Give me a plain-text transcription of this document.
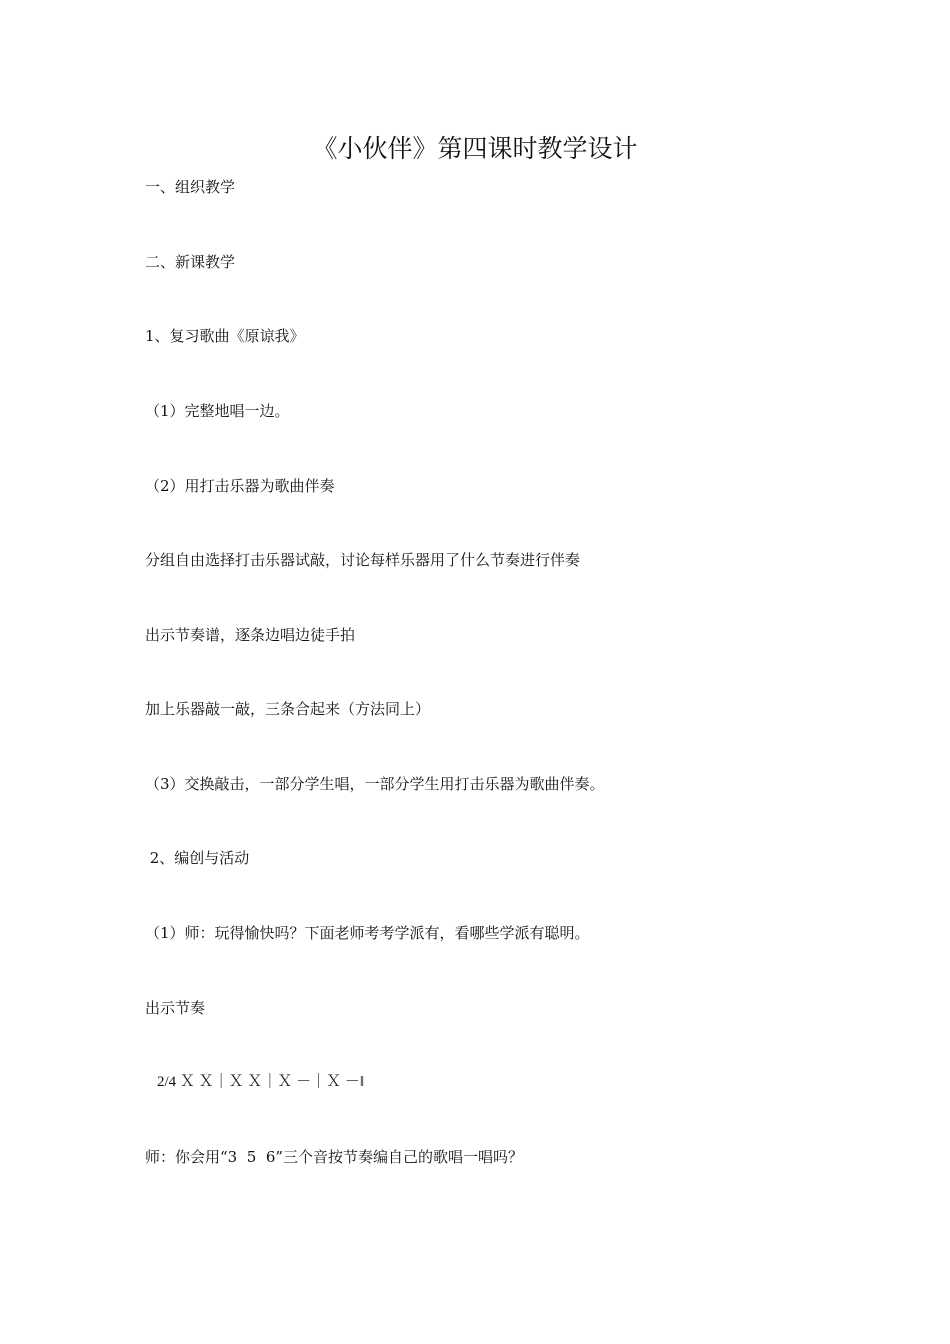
《小伙伴》第四课时教学设计
一、组织教学
二、新课教学
1、复习歌曲《原谅我》
（1）完整地唱一边。
（2）用打击乐器为歌曲伴奏
分组自由选择打击乐器试敲，讨论每样乐器用了什么节奏进行伴奏
出示节奏谱，逐条边唱边徒手拍
加上乐器敲一敲，三条合起来（方法同上）
（3）交换敲击，一部分学生唱，一部分学生用打击乐器为歌曲伴奏。
2、编创与活动
（1）师：玩得愉快吗？下面老师考考学派有，看哪些学派有聪明。
出示节奏
2/4 Ｘ Ｘ｜Ｘ Ｘ｜Ｘ －｜Ｘ －‖
师：你会用“3  5  6”三个音按节奏编自己的歌唱一唱吗？
